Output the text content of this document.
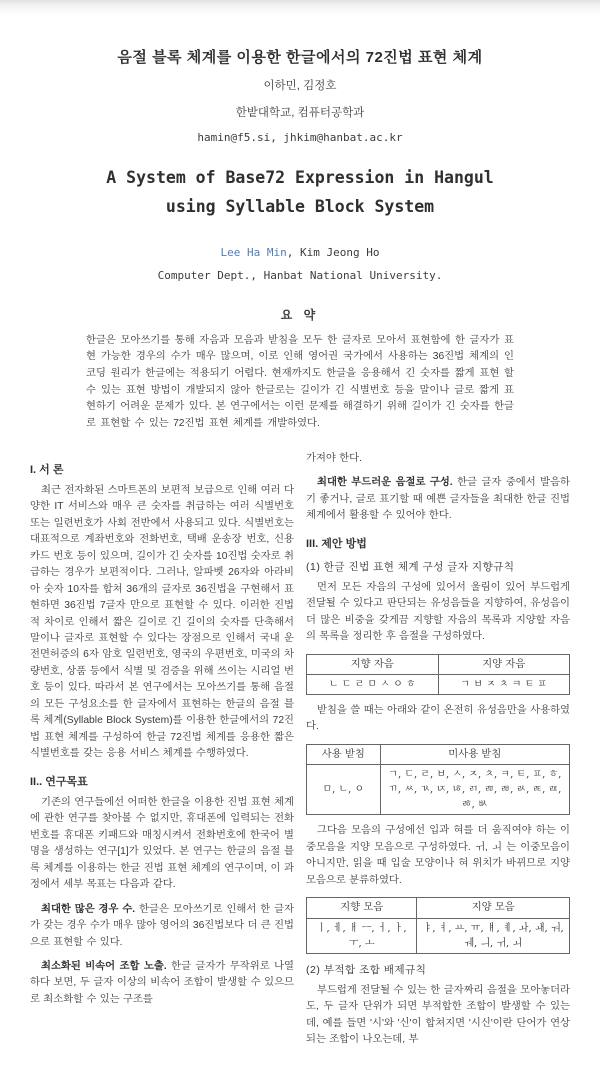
음절 블록 체계를 이용한 한글에서의 72진법 표현 체계

이하민, 김정호

한밭대학교, 컴퓨터공학과

hamin@f5.si, jhkim@hanbat.ac.kr

A System of Base72 Expression in Hangul
using Syllable Block System

Lee Ha Min, Kim Jeong Ho

Computer Dept., Hanbat National University.

요 약

한글은 모아쓰기를 통해 자음과 모음과 받침을 모두 한 글자로 모아서 표현함에 한 글자가 표현 가능한 경우의 수가 매우 많으며, 이로 인해 영어권 국가에서 사용하는 36진법 체계의 인코딩 원리가 한글에는 적용되기 어렵다. 현재까지도 한글을 응용해서 긴 숫자를 짧게 표현 할 수 있는 표현 방법이 개발되지 않아 한글로는 길이가 긴 식별번호 등을 말이나 글로 짧게 표현하기 어려운 문제가 있다. 본 연구에서는 이런 문제를 해결하기 위해 길이가 긴 숫자를 한글로 표현할 수 있는 72진법 표현 체계를 개발하였다.

I. 서 론

최근 전자화된 스마트폰의 보편적 보급으로 인해 여러 다양한 IT 서비스와 매우 큰 숫자를 취급하는 여러 식별번호 또는 일련번호가 사회 전반에서 사용되고 있다. 식별번호는 대표적으로 계좌번호와 전화번호, 택배 운송장 번호, 신용카드 번호 등이 있으며, 길이가 긴 숫자를 10진법 숫자로 취급하는 경우가 보편적이다. 그러나, 알파벳 26자와 아라비아 숫자 10자를 합쳐 36개의 글자로 36진법을 구현해서 표현하면 36진법 7글자 만으로 표현할 수 있다. 이러한 진법적 차이로 인해서 짧은 길이로 긴 길이의 숫자를 단축해서 말이나 글자로 표현할 수 있다는 장점으로 인해서 국내 운전면허증의 6자 암호 일련번호, 영국의 우편번호, 미국의 차량번호, 상품 등에서 식별 및 검증을 위해 쓰이는 시리얼 번호 등이 있다. 따라서 본 연구에서는 모아쓰기를 통해 음절의 모든 구성요소를 한 글자에서 표현하는 한글의 음절 블록 체계(Syllable Block System)를 이용한 한글에서의 72진법 표현 체계를 구성하여 한글 72진법 체계를 응용한 짧은 식별번호를 갖는 응용 서비스 체계를 수행하였다.

II.. 연구목표

기존의 연구들에선 어떠한 한글을 이용한 진법 표현 체계에 관한 연구를 찾아볼 수 없지만, 휴대폰에 입력되는 전화번호를 휴대폰 키패드와 매칭시켜서 전화번호에 한국어 별명을 생성하는 연구[1]가 있었다. 본 연구는 한글의 음절 블록 체계를 이용하는 한글 진법 표현 체계의 연구이며, 이 과정에서 세부 목표는 다음과 같다.

최대한 많은 경우 수. 한글은 모아쓰기로 인해서 한 글자가 갖는 경우 수가 매우 많아 영어의 36진법보다 더 큰 진법으로 표현할 수 있다.

최소화된 비속어 조합 노출. 한글 글자가 무작위로 나열하다 보면, 두 글자 이상의 비속어 조합이 발생할 수 있으므로 최소화할 수 있는 구조를

가져야 한다.

최대한 부드러운 음절로 구성. 한글 글자 중에서 발음하기 좋거나, 글로 표기할 때 예쁜 글자들을 최대한 한글 진법 체계에서 활용할 수 있어야 한다.

III. 제안 방법

(1) 한글 진법 표현 체계 구성 글자 지향규칙

먼저 모든 자음의 구성에 있어서 울림이 있어 부드럽게 전달될 수 있다고 판단되는 유성음들을 지향하여, 유성음이 더 많은 비중을 갖게끔 지향할 자음의 목록과 지양할 자음의 목록을 정리한 후 음절을 구성하였다.

지향 자음	지양 자음
ㄴ ㄷ ㄹ ㅁ ㅅ ㅇ ㅎ	ㄱ ㅂ ㅈ ㅊ ㅋ ㅌ ㅍ

받침을 쓸 때는 아래와 같이 온전히 유성음만을 사용하였다.

사용 받침	미사용 받침
ㅁ, ㄴ, ㅇ	ㄱ, ㄷ, ㄹ, ㅂ, ㅅ, ㅈ, ㅊ, ㅋ, ㅌ, ㅍ, ㅎ, ㄲ, ㅆ, ㄳ, ㄵ, ㄶ, ㄺ, ㄻ, ㄼ, ㄽ, ㄾ, ㄿ, ㅀ, ㅄ

그다음 모음의 구성에선 입과 혀를 더 움직여야 하는 이중모음을 지양 모음으로 구성하였다. ㅟ, ㅚ 는 이중모음이 아니지만, 읽을 때 입술 모양이나 혀 위치가 바뀌므로 지양 모음으로 분류하였다.

지향 모음	지양 모음
ㅣ, ㅔ, ㅐ ㅡ, ㅓ, ㅏ, ㅜ, ㅗ	ㅑ, ㅕ, ㅛ, ㅠ, ㅒ, ㅖ, ㅘ, ㅙ, ㅝ, ㅞ, ㅢ, ㅟ, ㅚ

(2) 부적합 조합 배제규칙

부드럽게 전달될 수 있는 한 글자짜리 음절을 모아놓더라도, 두 글자 단위가 되면 부적합한 조합이 발생할 수 있는데, 예를 들면 '시'와 '신'이 합쳐지면 '시신'이란 단어가 연상되는 조합이 나오는데, 부
